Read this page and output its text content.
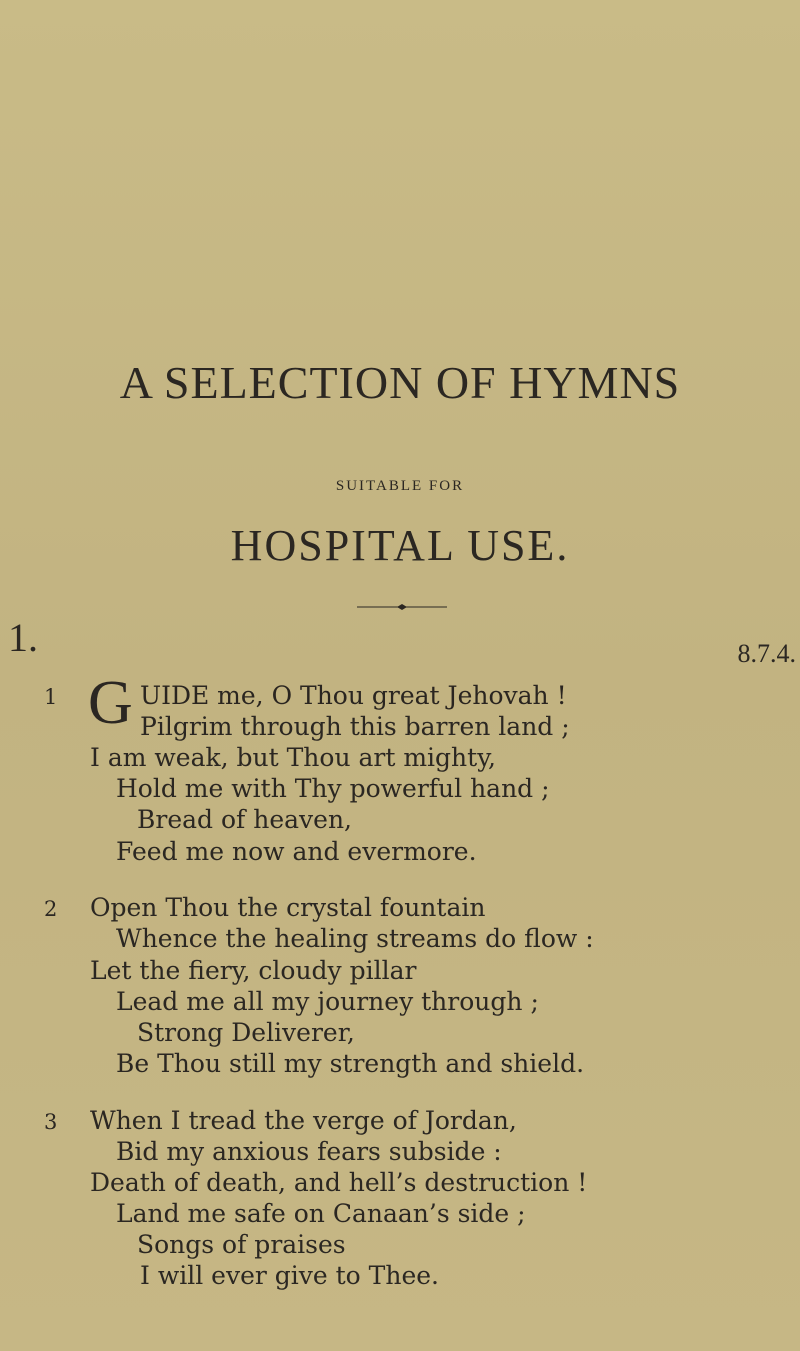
A SELECTION OF HYMNS
SUITABLE FOR
HOSPITAL USE.
1.	8.7.4.
1 G UIDE me, O Thou great Jehovah !
Pilgrim through this barren land ;
I am weak, but Thou art mighty,
Hold me with Thy powerful hand ;
Bread of heaven,
Feed me now and evermore.
2 Open Thou the crystal fountain
Whence the healing streams do flow :
Let the fiery, cloudy pillar
Lead me all my journey through ;
Strong Deliverer,
Be Thou still my strength and shield.
3 When I tread the verge of Jordan,
Bid my anxious fears subside :
Death of death, and hell’s destruction !
Land me safe on Canaan’s side ;
Songs of praises
I will ever give to Thee.
